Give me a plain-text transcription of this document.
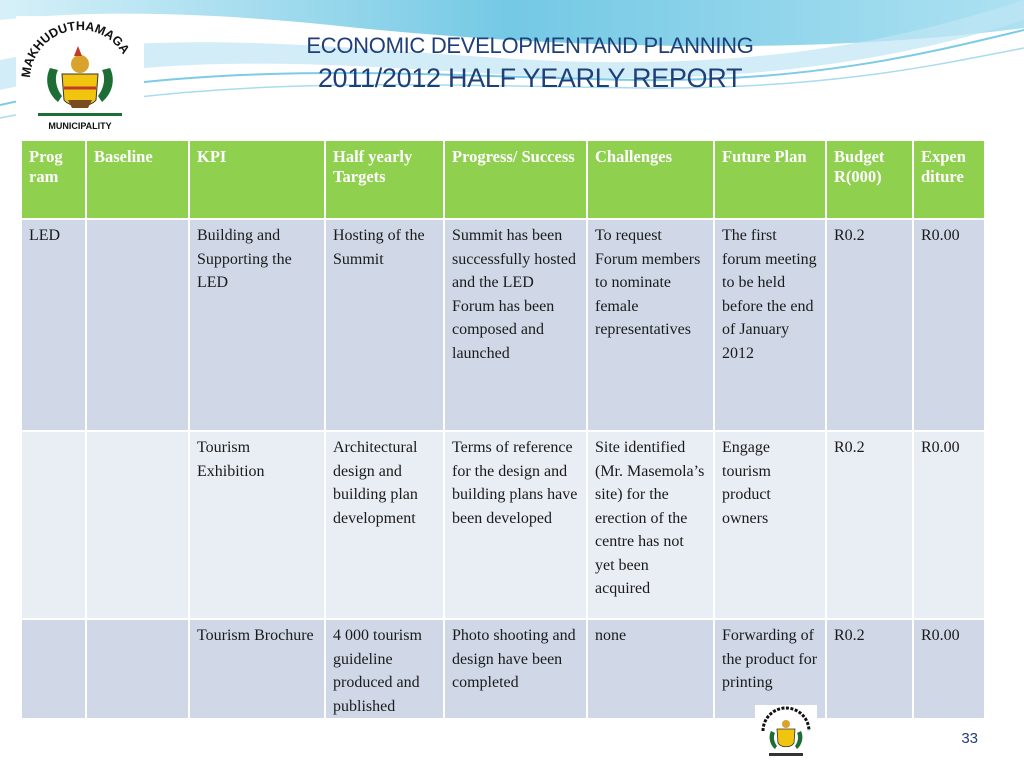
MAKHUDUTHAMAGA
MUNICIPALITY
ECONOMIC DEVELOPMENTAND PLANNING
2011/2012 HALF YEARLY REPORT
Prog ram	Baseline	KPI	Half yearly Targets	Progress/ Success	Challenges	Future Plan	Budget R(000)	Expen diture
LED		Building and Supporting the LED	Hosting of the Summit	Summit has been successfully hosted and the LED Forum has been composed and launched	To request Forum members to nominate female representatives	The first forum meeting to be held before the end of January 2012	R0.2	R0.00
		Tourism Exhibition	Architectural design and building plan development	Terms of reference for the design and building plans have been developed	Site identified (Mr. Masemola’s site) for the erection of the centre has not yet been acquired	Engage tourism product owners	R0.2	R0.00
		Tourism Brochure	4 000 tourism guideline produced and published	Photo shooting and design have been completed	none	Forwarding of the product for printing	R0.2	R0.00
33
